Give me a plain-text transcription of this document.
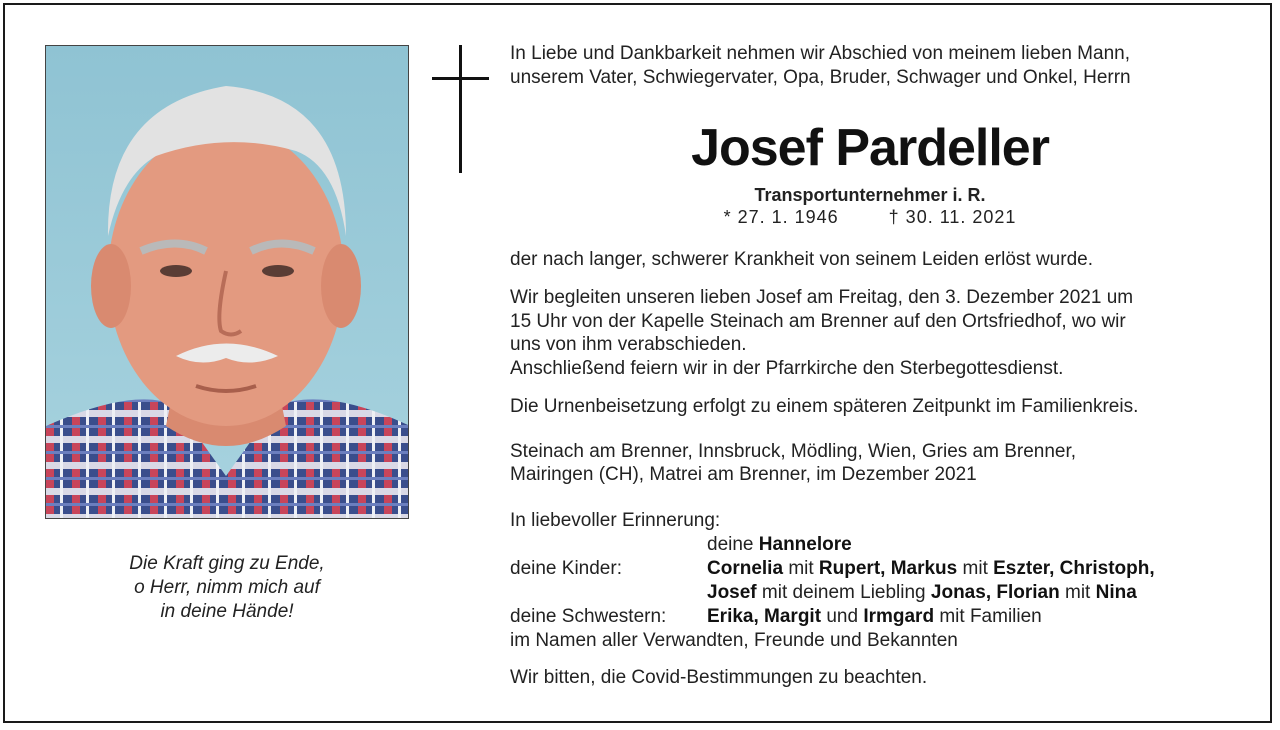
Die Kraft ging zu Ende,
o Herr, nimm mich auf
in deine Hände!
In Liebe und Dankbarkeit nehmen wir Abschied von meinem lieben Mann,
unserem Vater, Schwiegervater, Opa, Bruder, Schwager und Onkel, Herrn
Josef Pardeller
Transportunternehmer i. R.
* 27. 1. 1946	† 30. 11. 2021
der nach langer, schwerer Krankheit von seinem Leiden erlöst wurde.
Wir begleiten unseren lieben Josef am Freitag, den 3. Dezember 2021 um
15 Uhr von der Kapelle Steinach am Brenner auf den Ortsfriedhof, wo wir
uns von ihm verabschieden.
Anschließend feiern wir in der Pfarrkirche den Sterbegottesdienst.
Die Urnenbeisetzung erfolgt zu einem späteren Zeitpunkt im Familienkreis.
Steinach am Brenner, Innsbruck, Mödling, Wien, Gries am Brenner,
Mairingen (CH), Matrei am Brenner, im Dezember 2021
In liebevoller Erinnerung:
deine Hannelore
deine Kinder:	Cornelia mit Rupert, Markus mit Eszter, Christoph,
Josef mit deinem Liebling Jonas, Florian mit Nina
deine Schwestern: Erika, Margit und Irmgard mit Familien
im Namen aller Verwandten, Freunde und Bekannten
Wir bitten, die Covid-Bestimmungen zu beachten.
